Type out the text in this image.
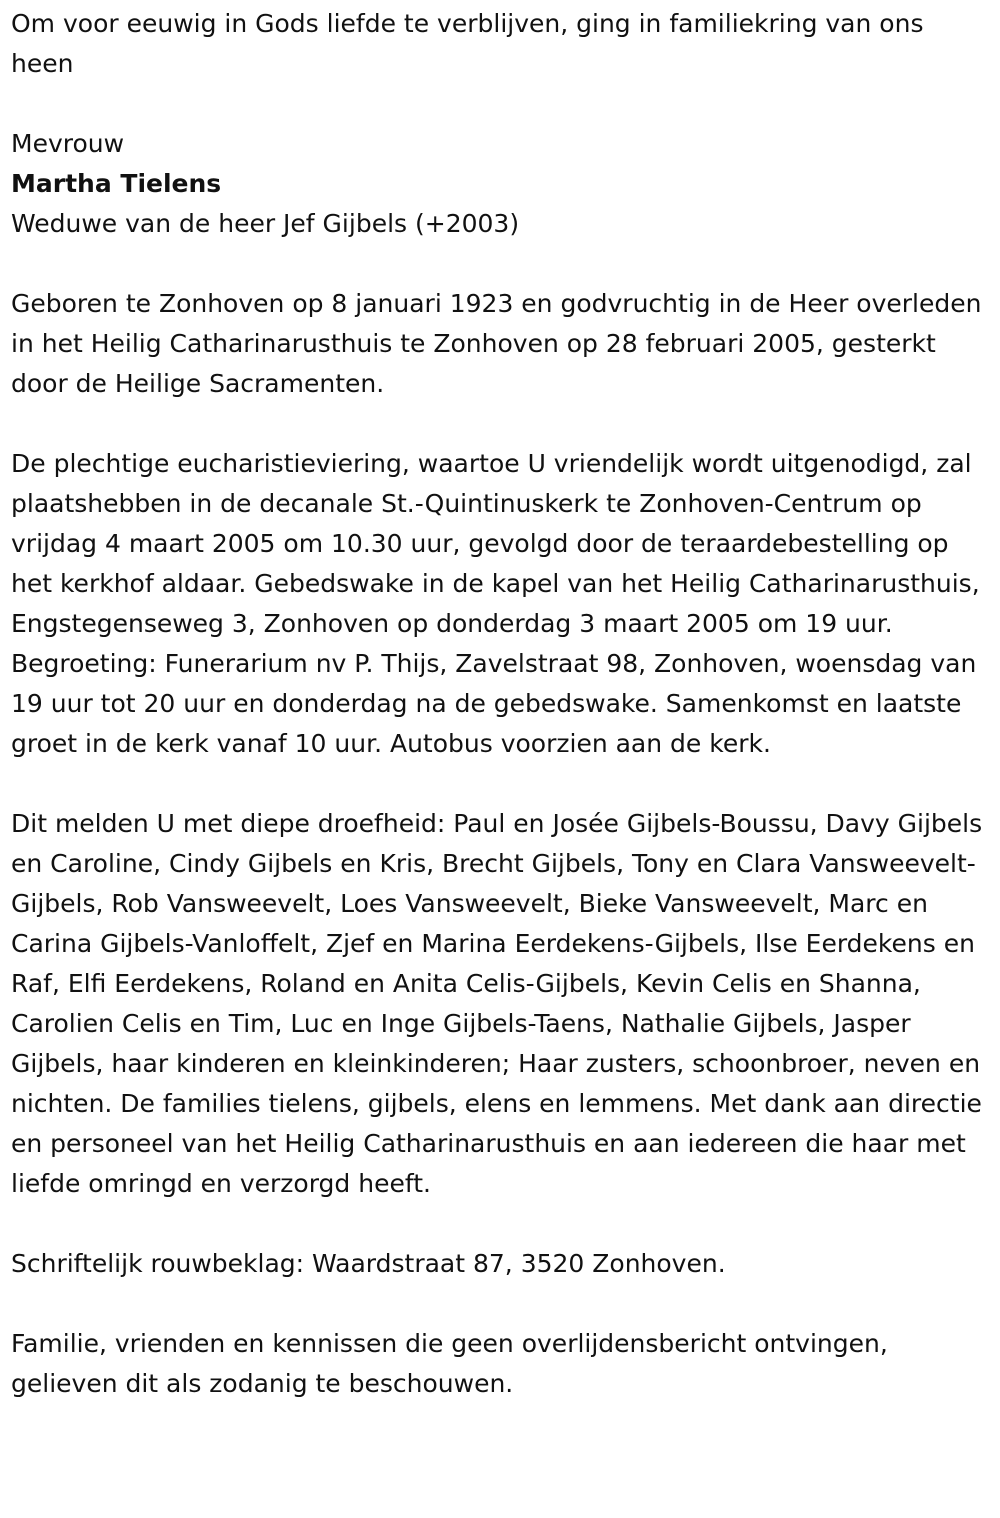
Om voor eeuwig in Gods liefde te verblijven, ging in familiekring van ons heen

Mevrouw

Martha Tielens

Weduwe van de heer Jef Gijbels (+2003)

Geboren te Zonhoven op 8 januari 1923 en godvruchtig in de Heer overleden in het Heilig Catharinarusthuis te Zonhoven op 28 februari 2005, gesterkt door de Heilige Sacramenten.

De plechtige eucharistieviering, waartoe U vriendelijk wordt uitgenodigd, zal plaatshebben in de decanale St.-Quintinuskerk te Zonhoven-Centrum op vrijdag 4 maart 2005 om 10.30 uur, gevolgd door de teraardebestelling op het kerkhof aldaar. Gebedswake in de kapel van het Heilig Catharinarusthuis, Engstegenseweg 3, Zonhoven op donderdag 3 maart 2005 om 19 uur. Begroeting: Funerarium nv P. Thijs, Zavelstraat 98, Zonhoven, woensdag van 19 uur tot 20 uur en donderdag na de gebedswake. Samenkomst en laatste groet in de kerk vanaf 10 uur. Autobus voorzien aan de kerk.

Dit melden U met diepe droefheid: Paul en Josée Gijbels-Boussu, Davy Gijbels en Caroline, Cindy Gijbels en Kris, Brecht Gijbels, Tony en Clara Vansweevelt-Gijbels, Rob Vansweevelt, Loes Vansweevelt, Bieke Vansweevelt, Marc en Carina Gijbels-Vanloffelt, Zjef en Marina Eerdekens-Gijbels, Ilse Eerdekens en Raf, Elfi Eerdekens, Roland en Anita Celis-Gijbels, Kevin Celis en Shanna, Carolien Celis en Tim, Luc en Inge Gijbels-Taens, Nathalie Gijbels, Jasper Gijbels, haar kinderen en kleinkinderen; Haar zusters, schoonbroer, neven en nichten. De families tielens, gijbels, elens en lemmens. Met dank aan directie en personeel van het Heilig Catharinarusthuis en aan iedereen die haar met liefde omringd en verzorgd heeft.

Schriftelijk rouwbeklag: Waardstraat 87, 3520 Zonhoven.

Familie, vrienden en kennissen die geen overlijdensbericht ontvingen, gelieven dit als zodanig te beschouwen.
